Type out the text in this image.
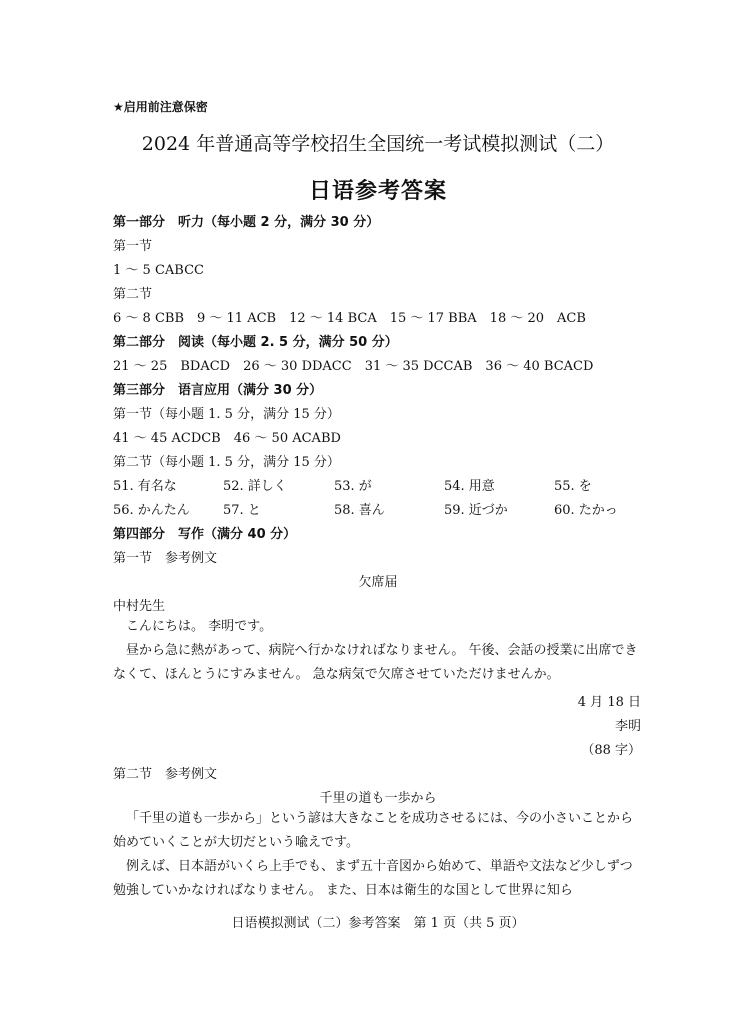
★启用前注意保密
2024 年普通高等学校招生全国统一考试模拟测试（二）
日语参考答案
第一部分　听力（每小题 2 分，满分 30 分）
第一节
1 ～ 5 CABCC
第二节
6 ～ 8 CBB　9 ～ 11 ACB　12 ～ 14 BCA　15 ～ 17 BBA　18 ～ 20　ACB
第二部分　阅读（每小题 2. 5 分，满分 50 分）
21 ～ 25　BDACD　26 ～ 30 DDACC　31 ～ 35 DCCAB　36 ～ 40 BCACD
第三部分　语言应用（满分 30 分）
第一节（每小题 1. 5 分，满分 15 分）
41 ～ 45 ACDCB　46 ～ 50 ACABD
第二节（每小题 1. 5 分，满分 15 分）
51. 有名な	52. 詳しく	53. が	54. 用意	55. を
56. かんたん	57. と	58. 喜ん	59. 近づか	60. たかっ
第四部分　写作（满分 40 分）
第一节　参考例文
欠席届
中村先生

こんにちは。 李明です。

昼から急に熱があって、病院へ行かなければなりません。 午後、会話の授業に出席できなくて、ほんとうにすみません。 急な病気で欠席させていただけませんか。

4 月 18 日
李明
（88 字）
第二节　参考例文
千里の道も一歩から

「千里の道も一歩から」という諺は大きなことを成功させるには、今の小さいことから始めていくことが大切だという喩えです。

例えば、日本語がいくら上手でも、まず五十音図から始めて、単語や文法など少しずつ勉強していかなければなりません。 また、日本は衛生的な国として世界に知ら

日语模拟测试（二）参考答案　第 1 页（共 5 页）
